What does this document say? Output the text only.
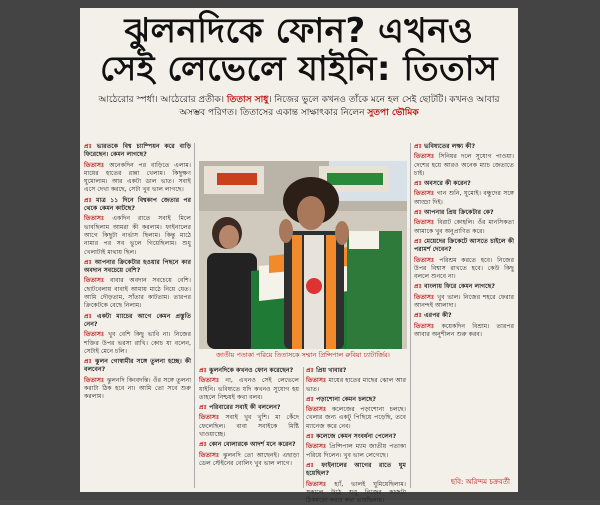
ঝুলনদিকে ফোন? এখনও
সেই লেভেলে যাইনি: তিতাস
আঠেরোর স্পর্ধা। আঠেরোর প্রতীক। তিতাস সাধু। নিজের ভুলে কখনও তাঁকে মনে হল সেই ছোটটি। কখনও আবার অসম্ভব পরিণত। তিতাসের একান্ত সাক্ষাৎকার নিলেন সুতপা ভৌমিক

প্রঃ ভারতকে বিশ্ব চ্যাম্পিয়ন করে বাড়ি ফিরেছেন। কেমন লাগছে?

তিতাসঃ অনেকদিন পর বাড়িতে এলাম। মায়ের হাতের রান্না খেলাম। কিছুক্ষণ ঘুমোলাম। আর একটা ডাল ভাত। সবাই এসে দেখা করছে, সেটা খুব ভাল লাগছে।

প্রঃ মাত্র ১১ দিনে বিশ্বকাপ জেতার পর থেকে কেমন কাটছে?

তিতাসঃ একদিন রাতে সবাই মিলে ভাবছিলাম আমরা কী করলাম। ফাইনালের আগে কিছুটা নার্ভাস ছিলাম। কিন্তু মাঠে নামার পর সব ভুলে গিয়েছিলাম। শুধু খেলাটাই মাথায় ছিল।

প্রঃ আপনার ক্রিকেটার হওয়ার পিছনে কার অবদান সবচেয়ে বেশি?

তিতাসঃ বাবার অবদান সবচেয়ে বেশি। ছোটবেলায় বাবাই আমায় মাঠে নিয়ে যেত। আমি দৌড়তাম, সাঁতার কাটতাম। তারপর ক্রিকেটকে বেছে নিলাম।

প্রঃ একটা ম্যাচের আগে কেমন প্রস্তুতি নেন?

তিতাসঃ খুব বেশি কিছু ভাবি না। নিজের শক্তির উপর ভরসা রাখি। কোচ যা বলেন, সেটাই মেনে চলি।

প্রঃ ঝুলন গোস্বামীর সঙ্গে তুলনা হচ্ছে। কী বলবেন?

তিতাসঃ ঝুলনদি কিংবদন্তি। ওঁর সঙ্গে তুলনা করাটা ঠিক হবে না। আমি তো সবে শুরু করলাম।

জাতীয় পতাকা পরিয়ে তিতাসকে সম্মান প্রিন্সিপাল রুবিয়া চ্যাটার্জির।

প্রঃ ঝুলনদিকে কখনও ফোন করেছেন?

তিতাসঃ না, এখনও সেই লেভেলে যাইনি। ভবিষ্যতে যদি কখনও সুযোগ হয় তাহলে নিশ্চয়ই কথা বলব।

প্রঃ পরিবারের সবাই কী বললেন?

তিতাসঃ সবাই খুব খুশি। মা কেঁদে ফেলেছিল। বাবা সবাইকে মিষ্টি খাওয়াচ্ছে।

প্রঃ কোন বোলারকে আদর্শ মনে করেন?

তিতাসঃ ঝুলনদি তো আছেনই। এছাড়া ডেল স্টেইনের বোলিং খুব ভাল লাগে।

প্রঃ প্রিয় খাবার?

তিতাসঃ মায়ের হাতের মাছের ঝোল আর ভাত।

প্রঃ পড়াশোনা কেমন চলছে?

তিতাসঃ কলেজের পড়াশোনা চলছে। খেলার জন্য একটু পিছিয়ে পড়েছি, তবে ম্যানেজ করে নেব।

প্রঃ কলেজে কেমন সংবর্ধনা পেলেন?

তিতাসঃ প্রিন্সিপাল ম্যাম জাতীয় পতাকা পরিয়ে দিলেন। খুব ভাল লেগেছে।

প্রঃ ফাইনালের আগের রাতে ঘুম হয়েছিল?

তিতাসঃ হ্যাঁ, ভালই ঘুমিয়েছিলাম। সকালে উঠে শুধু নিজের কাজটা ঠিকমতো করার কথা ভাবছিলাম।

প্রঃ ভবিষ্যতের লক্ষ্য কী?

তিতাসঃ সিনিয়র দলে সুযোগ পাওয়া। দেশের হয়ে আরও অনেক ম্যাচ জেতাতে চাই।

প্রঃ অবসরে কী করেন?

তিতাসঃ গান শুনি, ঘুমোই। বন্ধুদের সঙ্গে আড্ডা দিই।

প্রঃ আপনার প্রিয় ক্রিকেটার কে?

তিতাসঃ বিরাট কোহলি। ওঁর মানসিকতা আমাকে খুব অনুপ্রাণিত করে।

প্রঃ মেয়েদের ক্রিকেটে আসতে চাইলে কী পরামর্শ দেবেন?

তিতাসঃ পরিশ্রম করতে হবে। নিজের উপর বিশ্বাস রাখতে হবে। কেউ কিছু বললে শুনবে না।

প্রঃ বাংলায় ফিরে কেমন লাগছে?

তিতাসঃ খুব ভাল। নিজের শহরে ফেরার আনন্দই আলাদা।

প্রঃ এরপর কী?

তিতাসঃ কয়েকদিন বিশ্রাম। তারপর আবার অনুশীলন শুরু করব।

ছবি: অরিন্দম চক্রবর্তী
